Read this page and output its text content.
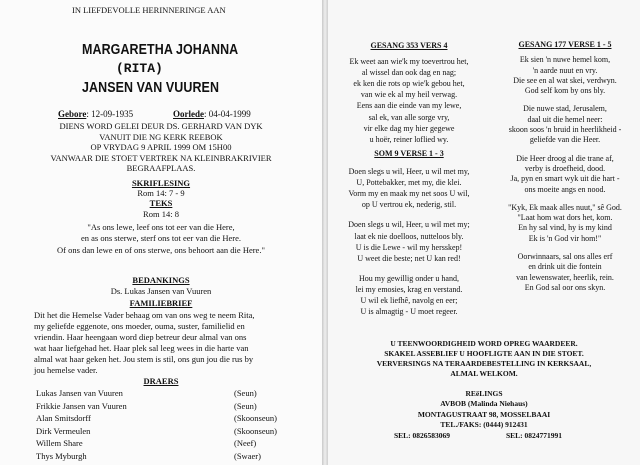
IN LIEFDEVOLLE HERINNERINGE AAN
MARGARETHA JOHANNA
(RITA)
JANSEN VAN VUUREN
Gebore: 12-09-1935	Oorlede: 04-04-1999
DIENS WORD GELEI DEUR DS. GERHARD VAN DYK
VANUIT DIE NG KERK REEBOK
OP VRYDAG 9 APRIL 1999 OM 15H00
VANWAAR DIE STOET VERTREK NA KLEINBRAKRIVIER
BEGRAAFPLAAS.
SKRIFLESING
Rom 14: 7 - 9
TEKS
Rom 14: 8
"As ons lewe, leef ons tot eer van die Here,
en as ons sterwe, sterf ons tot eer van die Here.
Of ons dan lewe en of ons sterwe, ons behoort aan die Here."
BEDANKINGS
Ds. Lukas Jansen van Vuuren
FAMILIEBRIEF
Dit het die Hemelse Vader behaag om van ons weg te neem Rita,
my geliefde eggenote, ons moeder, ouma, suster, familielid en
vriendin. Haar heengaan word diep betreur deur almal van ons
wat haar liefgehad het. Haar plek sal leeg wees in die harte van
almal wat haar geken het. Jou stem is stil, ons gun jou die rus by
jou hemelse vader.
DRAERS
Lukas Jansen van Vuuren	(Seun)
Frikkie Jansen van Vuuren	(Seun)
Alan Smitsdorff	(Skoonseun)
Dirk Vermeulen	(Skoonseun)
Willem Share	(Neef)
Thys Myburgh	(Swaer)
GESANG 353 VERS 4
Ek weet aan wie'k my toevertrou het,
al wissel dan ook dag en nag;
ek ken die rots op wie'k gebou het,
van wie ek al my heil verwag.
Eens aan die einde van my lewe,
sal ek, van alle sorge vry,
vir elke dag my hier gegewe
u hoër, reiner loflied wy.
SOM 9 VERSE 1 - 3
Doen slegs u wil, Heer, u wil met my,
U, Pottebakker, met my, die klei.
Vorm my en maak my net soos U wil,
op U vertrou ek, nederig, stil.
Doen slegs u wil, Heer, u wil met my;
laat ek nie doelloos, nutteloos bly.
U is die Lewe - wil my hersskep!
U weet die beste; net U kan red!
Hou my gewillig onder u hand,
lei my emosies, krag en verstand.
U wil ek liefhê, navolg en eer;
U is almagtig - U moet regeer.
GESANG 177 VERSE 1 - 5
Ek sien 'n nuwe hemel kom,
'n aarde nuut en vry.
Die see en al wat skei, verdwyn.
God self kom by ons bly.
Die nuwe stad, Jerusalem,
daal uit die hemel neer:
skoon soos 'n bruid in heerlikheid -
geliefde van die Heer.
Die Heer droog al die trane af,
verby is droefheid, dood.
Ja, pyn en smart wyk uit die hart -
ons moeite angs en nood.
"Kyk, Ek maak alles nuut," sê God.
"Laat hom wat dors het, kom.
En hy sal vind, hy is my kind
Ek is 'n God vir hom!"
Oorwinnaars, sal ons alles erf
en drink uit die fontein
van lewenswater, heerlik, rein.
En God sal oor ons skyn.
U TEENWOORDIGHEID WORD OPREG WAARDEER.
SKAKEL ASSEBLIEF U HOOFLIGTE AAN IN DIE STOET.
VERVERSINGS NA TERAARDEBESTELLING IN KERKSAAL,
ALMAL WELKOM.
REëLINGS
AVBOB (Malinda Niehaus)
MONTAGUSTRAAT 98, MOSSELBAAI
TEL./FAKS: (0444) 912431
SEL: 0826583069	SEL: 0824771991
